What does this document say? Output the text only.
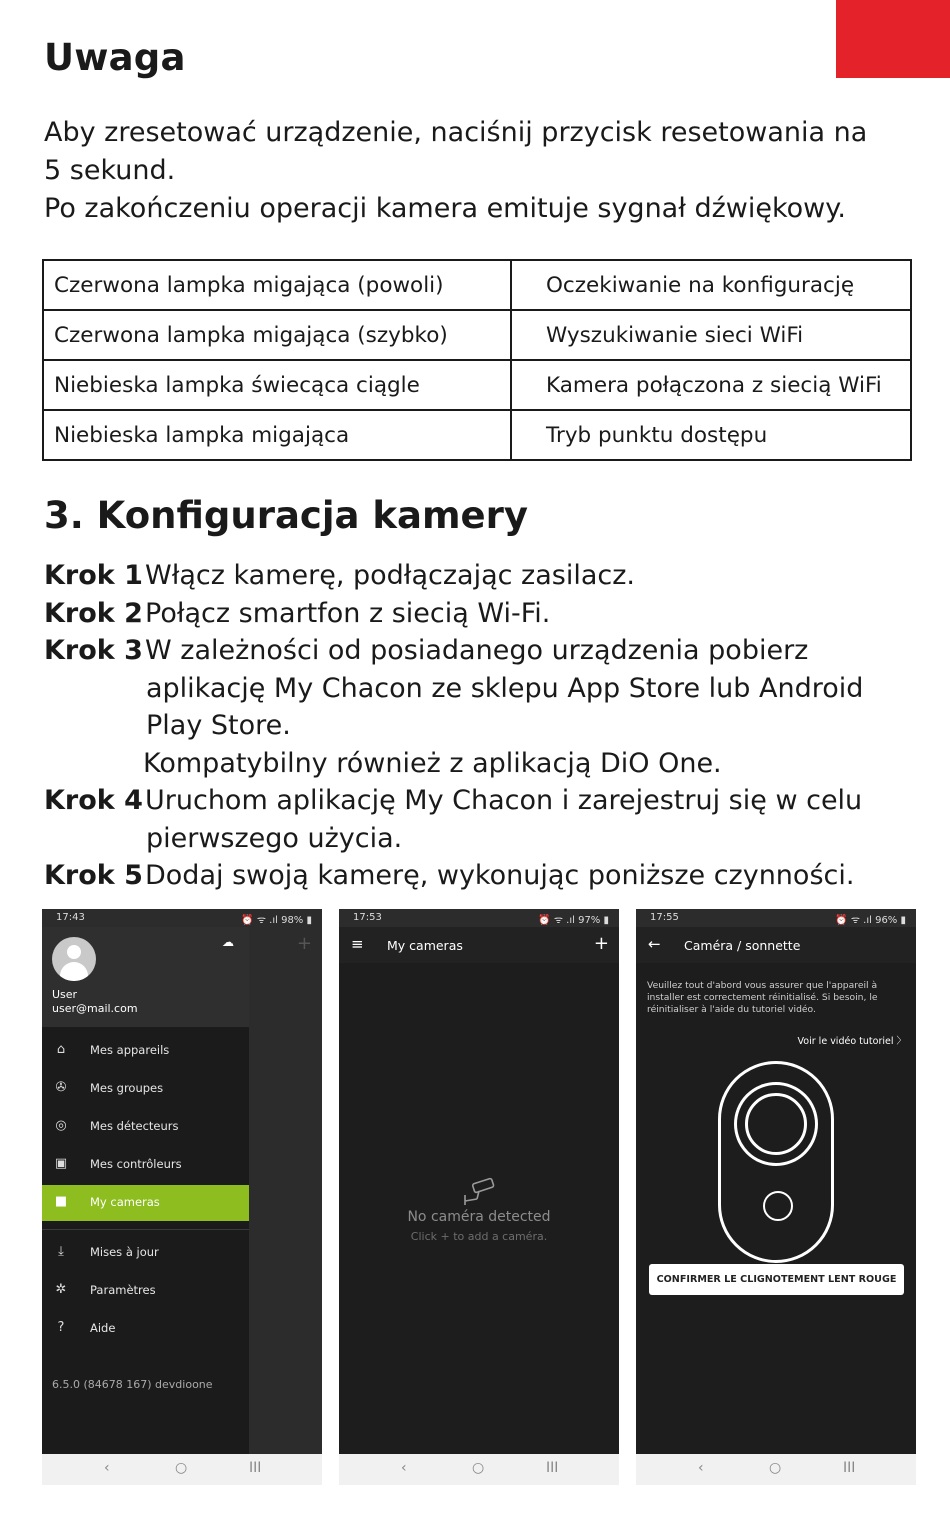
Uwaga
Aby zresetować urządzenie, naciśnij przycisk resetowania na
5 sekund.
Po zakończeniu operacji kamera emituje sygnał dźwiękowy.
Czerwona lampka migająca (powoli)	Oczekiwanie na konfigurację
Czerwona lampka migająca (szybko)	Wyszukiwanie sieci WiFi
Niebieska lampka świecąca ciągle	Kamera połączona z siecią WiFi
Niebieska lampka migająca	Tryb punktu dostępu
3. Konfiguracja kamery
Krok 1Włącz kamerę, podłączając zasilacz.
Krok 2Połącz smartfon z siecią Wi-Fi.
Krok 3W zależności od posiadanego urządzenia pobierz
aplikację My Chacon ze sklepu App Store lub Android
Play Store.
Kompatybilny również z aplikacją DiO One.
Krok 4Uruchom aplikację My Chacon i zarejestruj się w celu
pierwszego użycia.
Krok 5Dodaj swoją kamerę, wykonując poniższe czynności.
17:43	⏰ ᯤ .ıl 98% ▮
+
☁
User
user@mail.com
⌂	Mes appareils
✇	Mes groupes
◎ Mes détecteurs
▣ Mes contrôleurs
■ My cameras
⤓	Mises à jour
✲	Paramètres
?	Aide
6.5.0 (84678 167) devdioone
‹	○	III
17:53	⏰ ᯤ .ıl 97% ▮
≡ My cameras	+
No caméra detected
Click + to add a caméra.
‹	○	III
17:55	⏰ ᯤ .ıl 96% ▮
← Caméra / sonnette
Veuillez tout d'abord vous assurer que l'appareil à installer est correctement réinitialisé. Si besoin, le réinitialiser à l'aide du tutoriel vidéo.
Voir le vidéo tutoriel 〉
CONFIRMER LE CLIGNOTEMENT LENT ROUGE
‹	○	III
